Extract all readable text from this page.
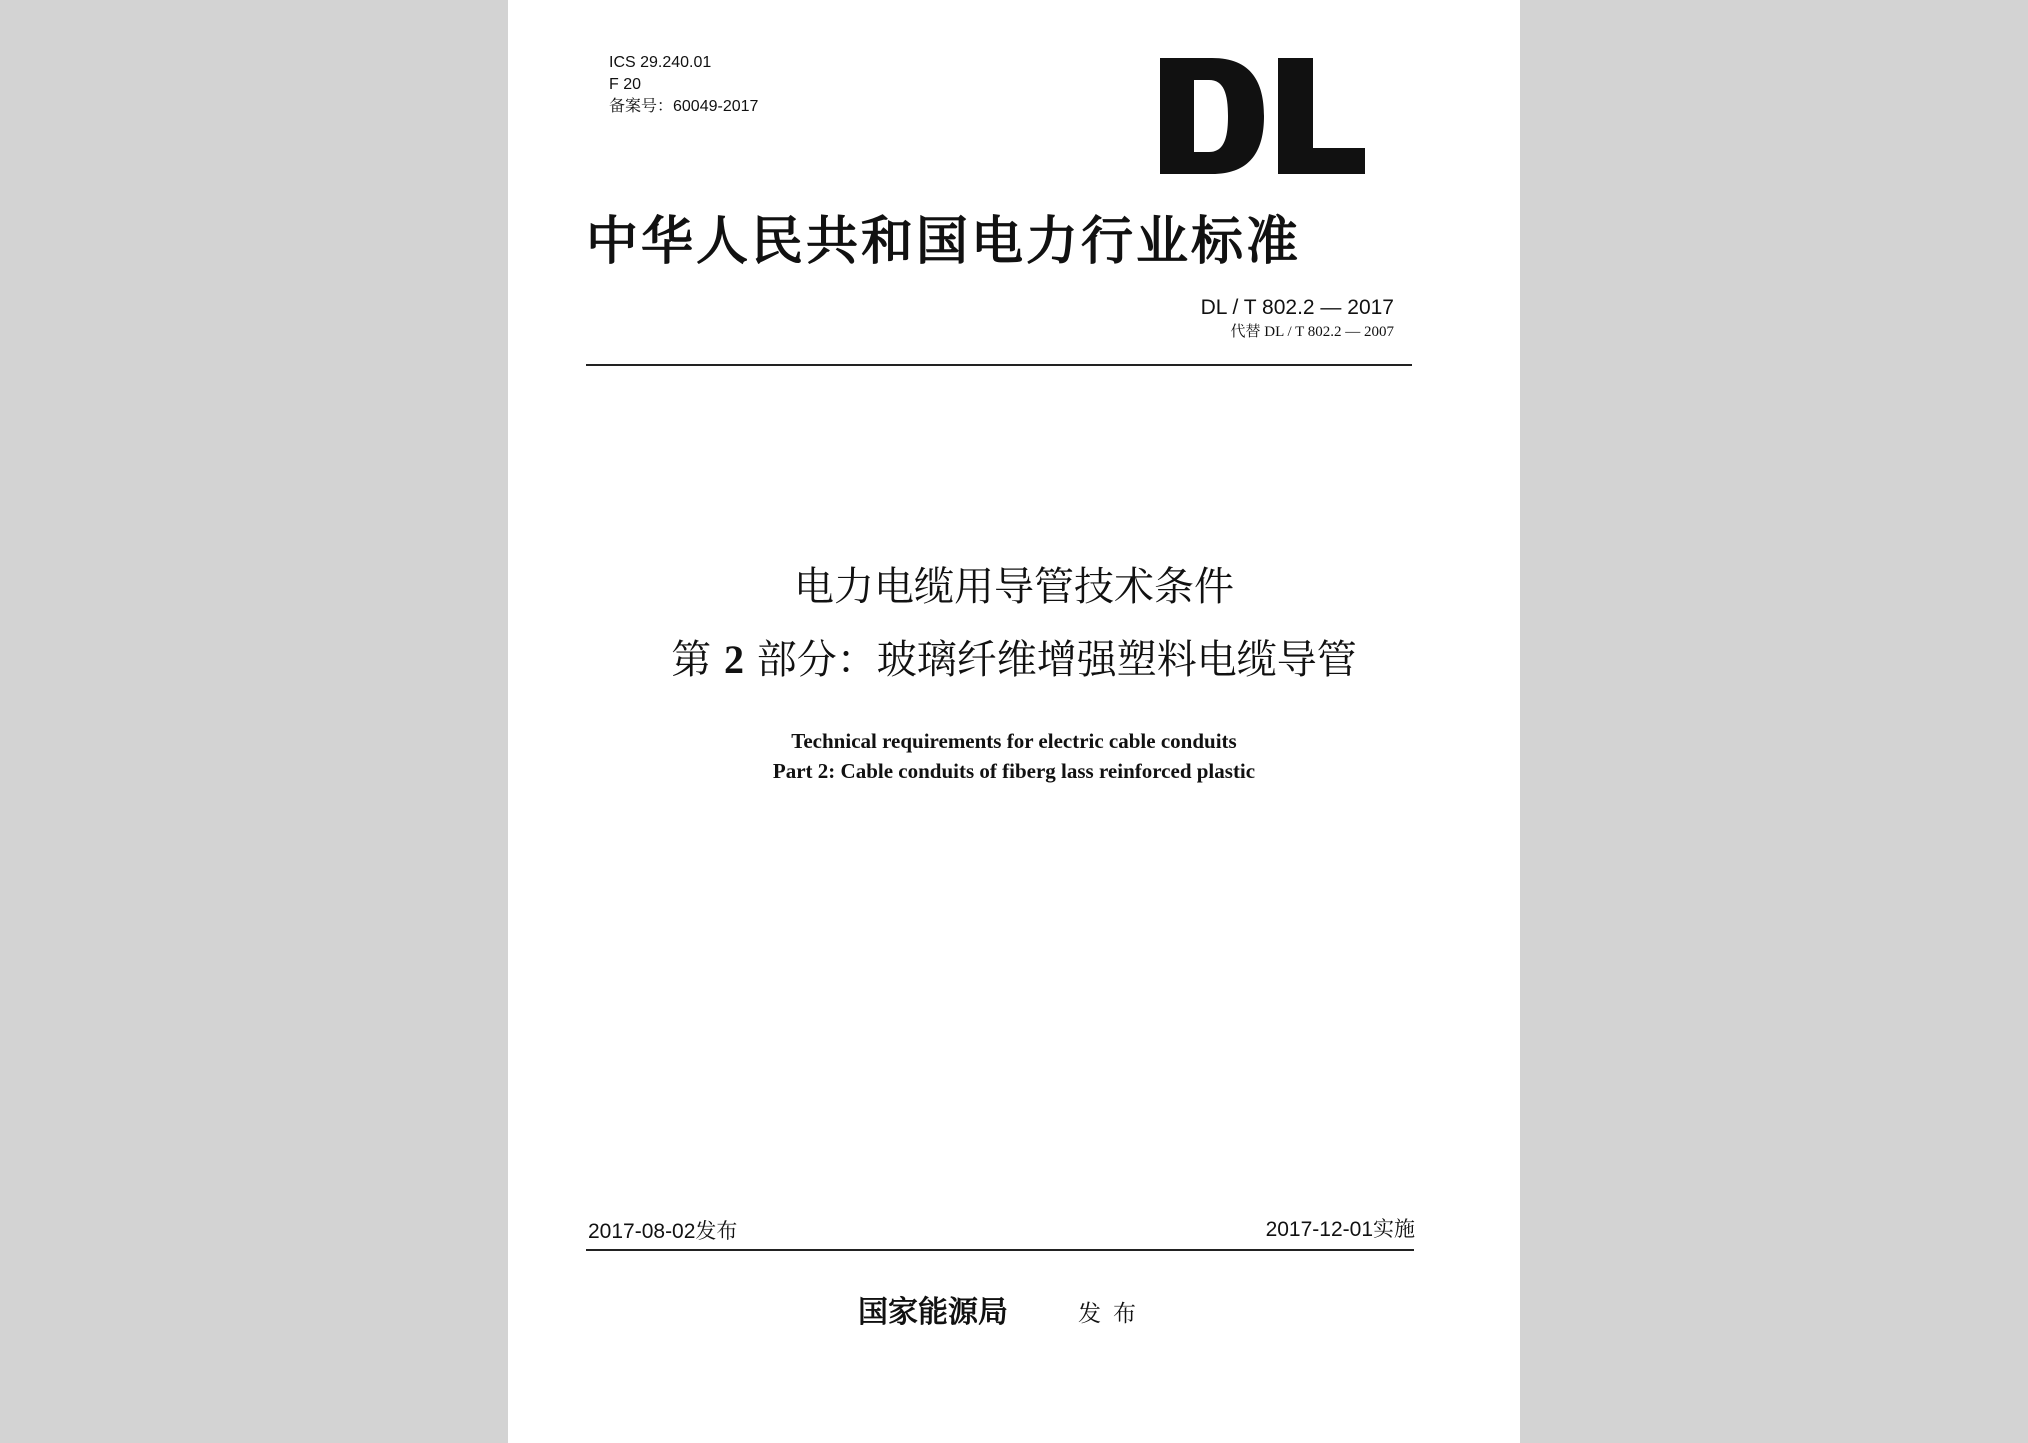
ICS 29.240.01
F 20
备案号：60049-2017
中华人民共和国电力行业标准
DL / T 802.2 — 2017
代替 DL / T 802.2 — 2007
电力电缆用导管技术条件
第 2 部分：玻璃纤维增强塑料电缆导管
Technical requirements for electric cable conduits
Part 2: Cable conduits of fiberg lass reinforced plastic
2017-08-02发布	2017-12-01实施
国家能源局	发布
